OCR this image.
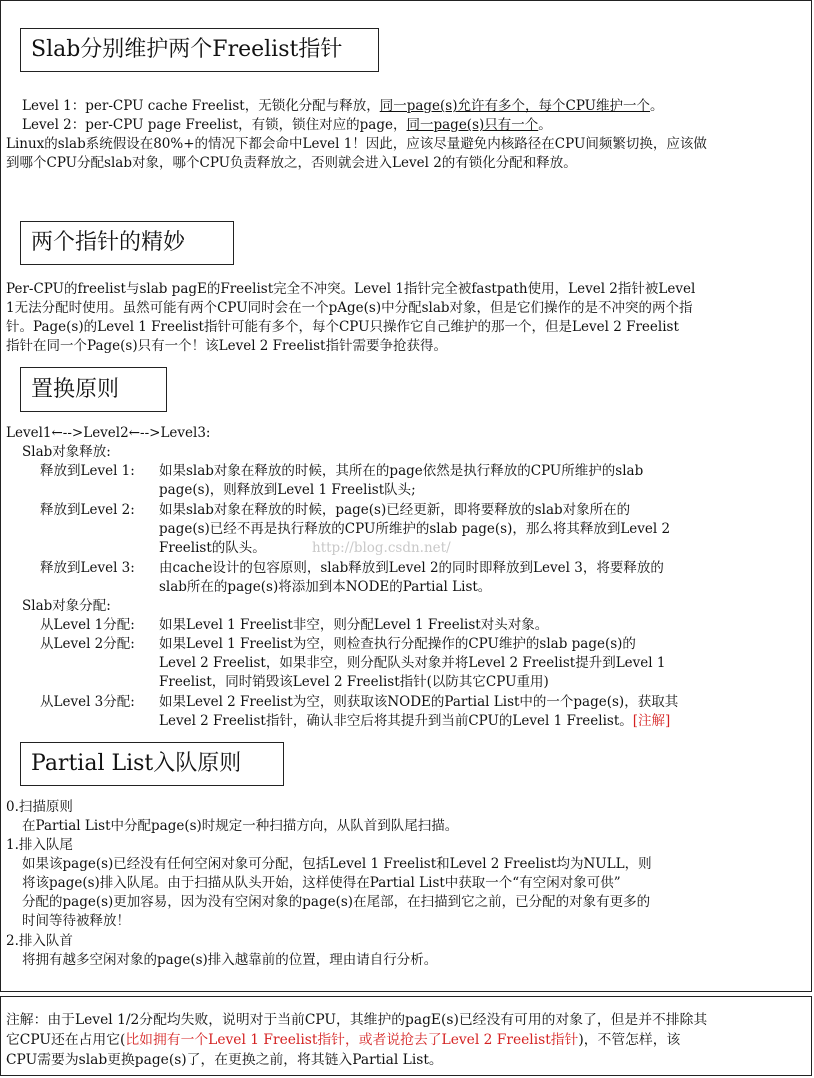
Slab分别维护两个Freelist指针
Level 1：per-CPU cache Freelist，无锁化分配与释放，同一page(s)允许有多个，每个CPU维护一个。
Level 2：per-CPU page Freelist，有锁，锁住对应的page，同一page(s)只有一个。
Linux的slab系统假设在80%+的情况下都会命中Level 1！因此，应该尽量避免内核路径在CPU间频繁切换，应该做
到哪个CPU分配slab对象，哪个CPU负责释放之，否则就会进入Level 2的有锁化分配和释放。
两个指针的精妙
Per-CPU的freelist与slab pagE的Freelist完全不冲突。Level 1指针完全被fastpath使用，Level 2指针被Level
1无法分配时使用。虽然可能有两个CPU同时会在一个pAge(s)中分配slab对象，但是它们操作的是不冲突的两个指
针。Page(s)的Level 1 Freelist指针可能有多个，每个CPU只操作它自己维护的那一个，但是Level 2 Freelist
指针在同一个Page(s)只有一个！该Level 2 Freelist指针需要争抢获得。
置换原则
Level1←-->Level2←-->Level3:
Slab对象释放:
释放到Level 1: 如果slab对象在释放的时候，其所在的page依然是执行释放的CPU所维护的slab
page(s)，则释放到Level 1 Freelist队头;
释放到Level 2: 如果slab对象在释放的时候，page(s)已经更新，即将要释放的slab对象所在的
page(s)已经不再是执行释放的CPU所维护的slab page(s)，那么将其释放到Level 2
Freelist的队头。	http://blog.csdn.net/
释放到Level 3: 由cache设计的包容原则，slab释放到Level 2的同时即释放到Level 3，将要释放的
slab所在的page(s)将添加到本NODE的Partial List。
Slab对象分配:
从Level 1分配: 如果Level 1 Freelist非空，则分配Level 1 Freelist对头对象。
从Level 2分配: 如果Level 1 Freelist为空，则检查执行分配操作的CPU维护的slab page(s)的
Level 2 Freelist，如果非空，则分配队头对象并将Level 2 Freelist提升到Level 1
Freelist，同时销毁该Level 2 Freelist指针(以防其它CPU重用)
从Level 3分配: 如果Level 2 Freelist为空，则获取该NODE的Partial List中的一个page(s)，获取其
Level 2 Freelist指针，确认非空后将其提升到当前CPU的Level 1 Freelist。[注解]
Partial List入队原则
0.扫描原则
在Partial List中分配page(s)时规定一种扫描方向，从队首到队尾扫描。
1.排入队尾
如果该page(s)已经没有任何空闲对象可分配，包括Level 1 Freelist和Level 2 Freelist均为NULL，则
将该page(s)排入队尾。由于扫描从队头开始，这样使得在Partial List中获取一个“有空闲对象可供”
分配的page(s)更加容易，因为没有空闲对象的page(s)在尾部，在扫描到它之前，已分配的对象有更多的
时间等待被释放！
2.排入队首
将拥有越多空闲对象的page(s)排入越靠前的位置，理由请自行分析。
注解：由于Level 1/2分配均失败，说明对于当前CPU，其维护的pagE(s)已经没有可用的对象了，但是并不排除其
它CPU还在占用它(比如拥有一个Level 1 Freelist指针，或者说抢去了Level 2 Freelist指针)，不管怎样，该
CPU需要为slab更换page(s)了，在更换之前，将其链入Partial List。
